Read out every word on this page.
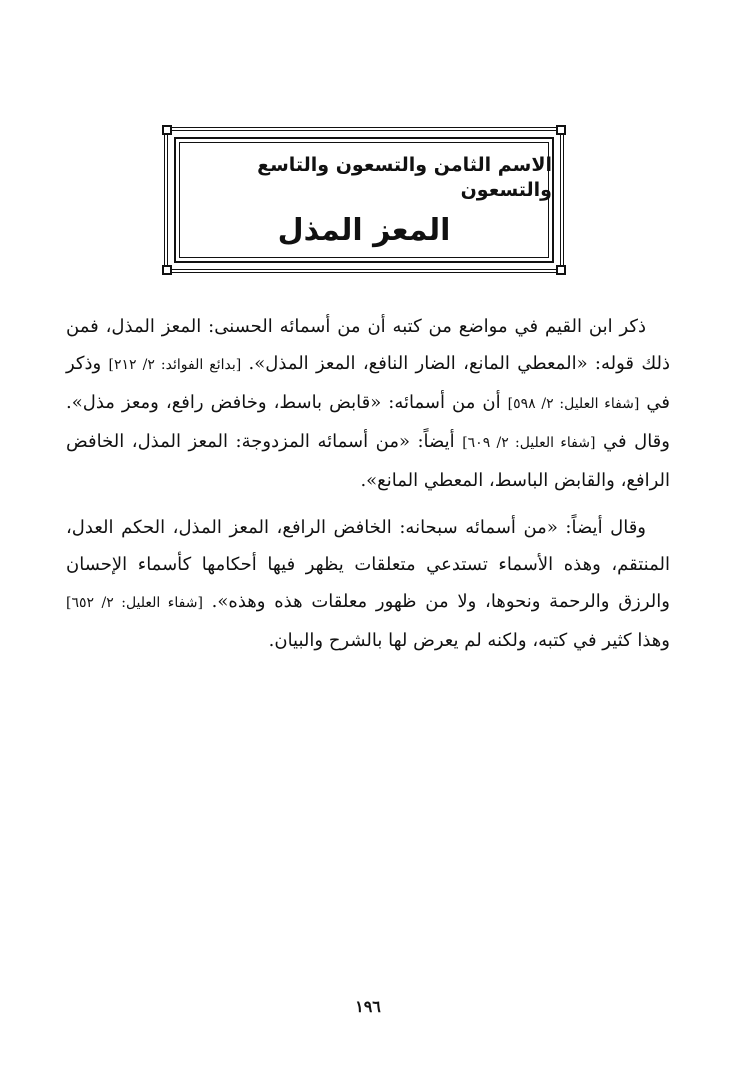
الاسم الثامن والتسعون والتاسع والتسعون
المعز المذل

ذكر ابن القيم في مواضع من كتبه أن من أسمائه الحسنى: المعز المذل، فمن ذلك قوله: «المعطي المانع، الضار النافع، المعز المذل». [بدائع الفوائد: ٢/ ٢١٢] وذكر في [شفاء العليل: ٢/ ٥٩٨] أن من أسمائه: «قابض باسط، وخافض رافع، ومعز مذل». وقال في [شفاء العليل: ٢/ ٦٠٩] أيضاً: «من أسمائه المزدوجة: المعز المذل، الخافض الرافع، والقابض الباسط، المعطي المانع».

وقال أيضاً: «من أسمائه سبحانه: الخافض الرافع، المعز المذل، الحكم العدل، المنتقم، وهذه الأسماء تستدعي متعلقات يظهر فيها أحكامها كأسماء الإحسان والرزق والرحمة ونحوها، ولا من ظهور معلقات هذه وهذه». [شفاء العليل: ٢/ ٦٥٢] وهذا كثير في كتبه، ولكنه لم يعرض لها بالشرح والبيان.

١٩٦
